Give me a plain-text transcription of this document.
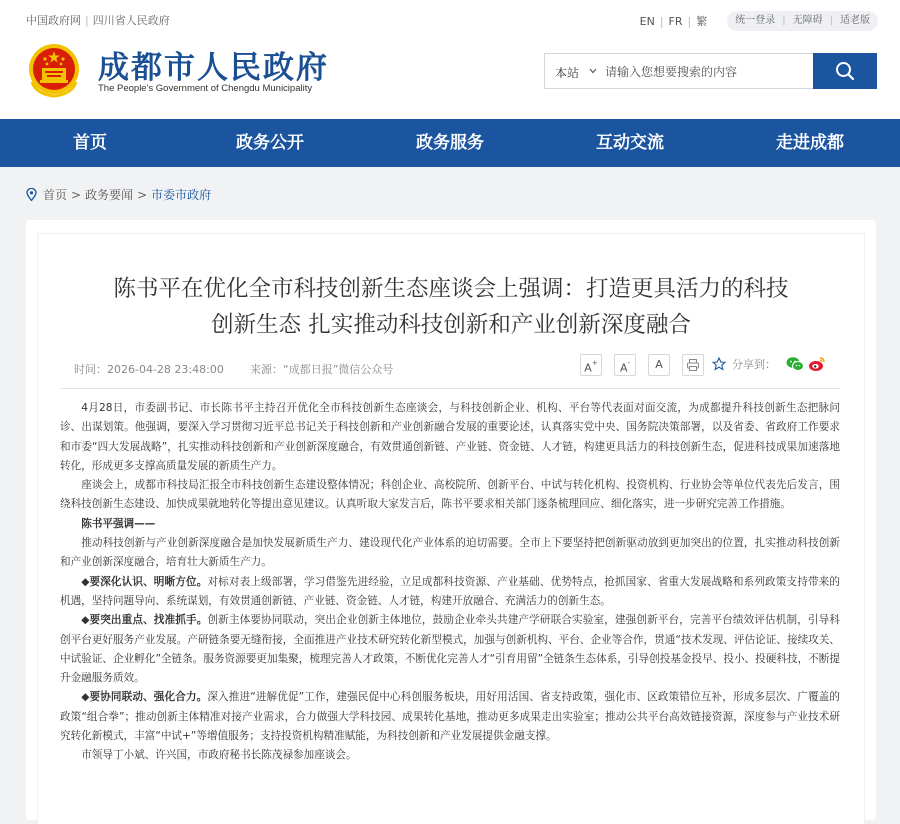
中国政府网 | 四川省人民政府	EN | FR | 繁	统一登录 | 无障碍 | 适老版
成都市人民政府
The People's Government of Chengdu Municipality
本站
请输入您想要搜索的内容
首页	政务公开	政务服务	互动交流	走进成都
首页 > 政务要闻 > 市委市政府
陈书平在优化全市科技创新生态座谈会上强调：打造更具活力的科技
创新生态 扎实推动科技创新和产业创新深度融合
时间：2026-04-28 23:48:00 来源：“成都日报”微信公众号	A+	A-	A	分享到：

4月28日，市委副书记、市长陈书平主持召开优化全市科技创新生态座谈会，与科技创新企业、机构、平台等代表面对面交流，为成都提升科技创新生态把脉问诊、出谋划策。他强调，要深入学习贯彻习近平总书记关于科技创新和产业创新融合发展的重要论述，认真落实党中央、国务院决策部署，以及省委、省政府工作要求和市委“四大发展战略”，扎实推动科技创新和产业创新深度融合，有效贯通创新链、产业链、资金链、人才链，构建更具活力的科技创新生态，促进科技成果加速落地转化，形成更多支撑高质量发展的新质生产力。

座谈会上，成都市科技局汇报全市科技创新生态建设整体情况；科创企业、高校院所、创新平台、中试与转化机构、投资机构、行业协会等单位代表先后发言，围绕科技创新生态建设、加快成果就地转化等提出意见建议。认真听取大家发言后，陈书平要求相关部门逐条梳理回应、细化落实，进一步研究完善工作措施。

陈书平强调——

推动科技创新与产业创新深度融合是加快发展新质生产力、建设现代化产业体系的迫切需要。全市上下要坚持把创新驱动放到更加突出的位置，扎实推动科技创新和产业创新深度融合，培育壮大新质生产力。

◆要深化认识、明晰方位。对标对表上级部署，学习借鉴先进经验，立足成都科技资源、产业基础、优势特点，抢抓国家、省重大发展战略和系列政策支持带来的机遇，坚持问题导向、系统谋划，有效贯通创新链、产业链、资金链、人才链，构建开放融合、充满活力的创新生态。

◆要突出重点、找准抓手。创新主体要协同联动，突出企业创新主体地位，鼓励企业牵头共建产学研联合实验室，建强创新平台，完善平台绩效评估机制，引导科创平台更好服务产业发展。产研链条要无缝衔接，全面推进产业技术研究转化新型模式，加强与创新机构、平台、企业等合作，贯通“技术发现、评估论证、接续攻关、中试验证、企业孵化”全链条。服务资源要更加集聚，梳理完善人才政策，不断优化完善人才“引育用留”全链条生态体系，引导创投基金投早、投小、投硬科技，不断提升金融服务质效。

◆要协同联动、强化合力。深入推进“进解优促”工作，建强民促中心科创服务板块，用好用活国、省支持政策，强化市、区政策错位互补，形成多层次、广覆盖的政策“组合拳”；推动创新主体精准对接产业需求，合力做强大学科技园、成果转化基地，推动更多成果走出实验室；推动公共平台高效链接资源，深度参与产业技术研究转化新模式，丰富“中试+”等增值服务；支持投资机构精准赋能，为科技创新和产业发展提供金融支撑。

市领导丁小斌、许兴国，市政府秘书长陈茂禄参加座谈会。
